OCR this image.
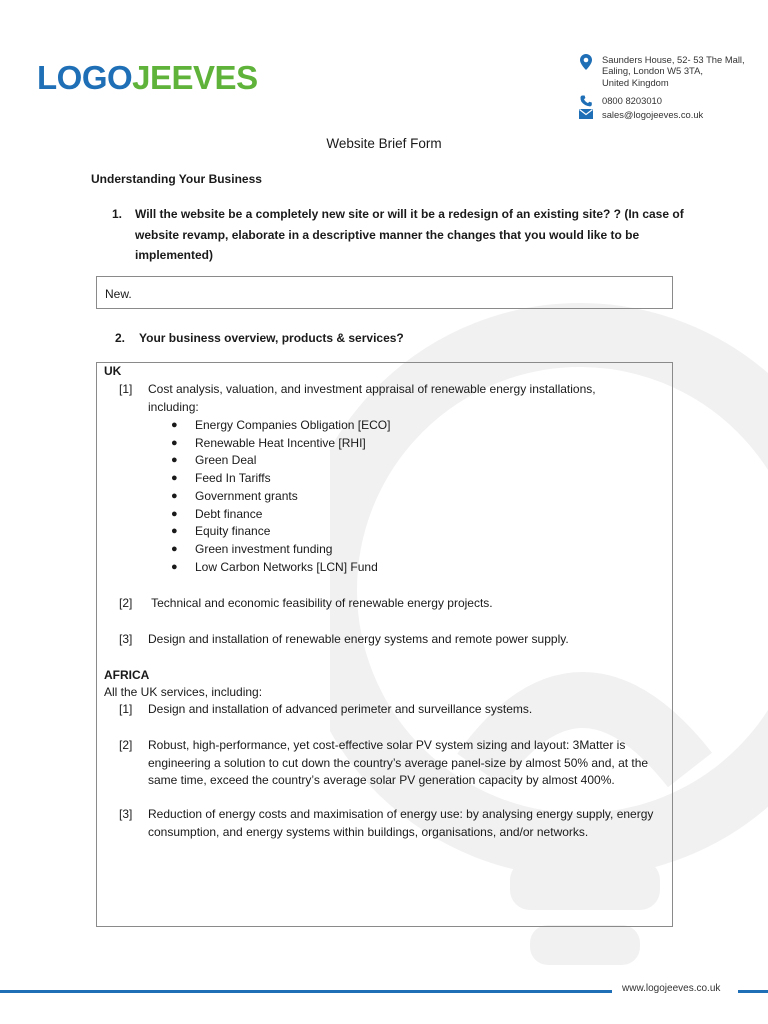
LOGOJEEVES	Saunders House, 52- 53 The Mall,
Ealing, London W5 3TA,
United Kingdom
0800 8203010
sales@logojeeves.co.uk
Website Brief Form
Understanding Your Business
1.	Will the website be a completely new site or will it be a redesign of an existing site? ? (In case of website revamp, elaborate in a descriptive manner the changes that you would like to be implemented)
New.
2.	Your business overview, products & services?
UK
[1]	Cost analysis, valuation, and investment appraisal of renewable energy installations, including:
●	Energy Companies Obligation [ECO]
●	Renewable Heat Incentive [RHI]
●	Green Deal
●	Feed In Tariffs
●	Government grants
●	Debt finance
●	Equity finance
●	Green investment funding
●	Low Carbon Networks [LCN] Fund
[2]	Technical and economic feasibility of renewable energy projects.
[3]	Design and installation of renewable energy systems and remote power supply.
AFRICA
All the UK services, including:
[1]	Design and installation of advanced perimeter and surveillance systems.
[2]	Robust, high-performance, yet cost-effective solar PV system sizing and layout: 3Matter is engineering a solution to cut down the country’s average panel-size by almost 50% and, at the same time, exceed the country’s average solar PV generation capacity by almost 400%.
[3]	Reduction of energy costs and maximisation of energy use: by analysing energy supply, energy consumption, and energy systems within buildings, organisations, and/or networks.
www.logojeeves.co.uk
